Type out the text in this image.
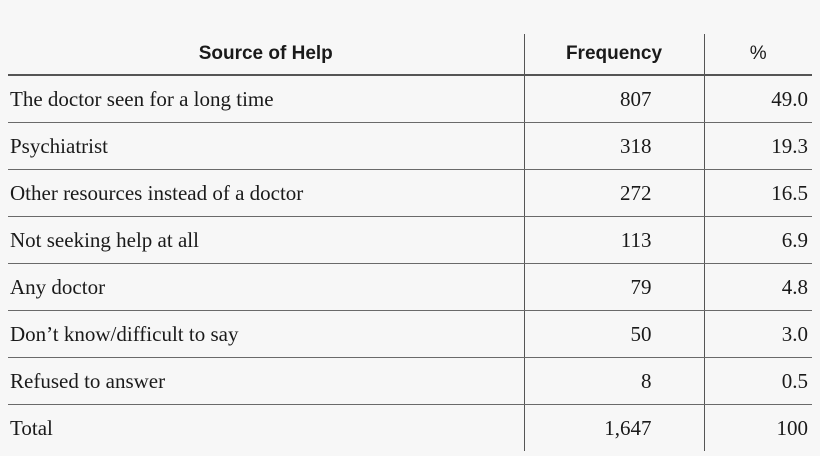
Source of Help	Frequency	%
The doctor seen for a long time	807	49.0
Psychiatrist	318	19.3
Other resources instead of a doctor	272	16.5
Not seeking help at all	113	6.9
Any doctor	79	4.8
Don’t know/difficult to say	50	3.0
Refused to answer	8	0.5
Total	1,647	100
